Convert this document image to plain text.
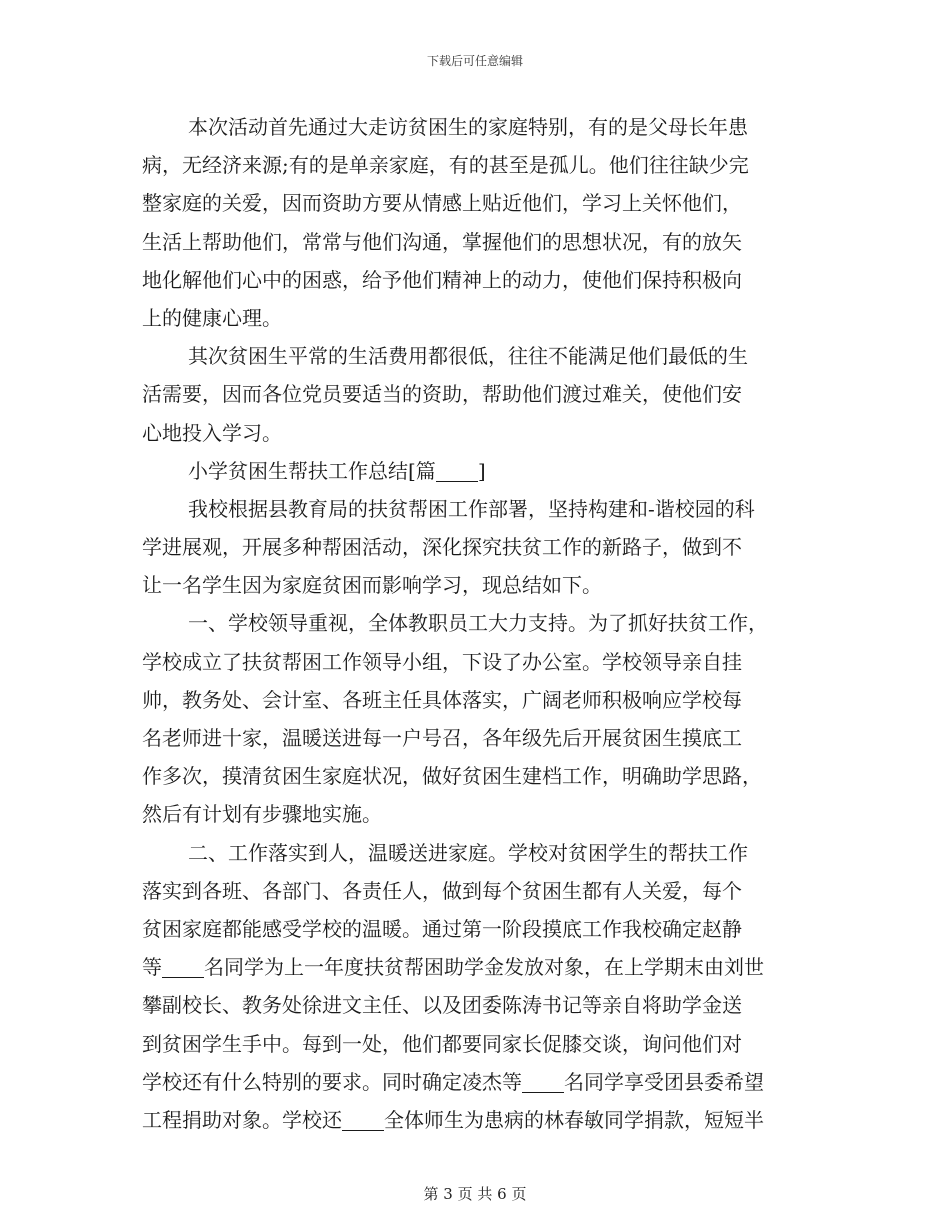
下载后可任意编辑
本次活动首先通过大走访贫困生的家庭特别，有的是父母长年患
病，无经济来源;有的是单亲家庭，有的甚至是孤儿。他们往往缺少完
整家庭的关爱，因而资助方要从情感上贴近他们，学习上关怀他们，
生活上帮助他们，常常与他们沟通，掌握他们的思想状况，有的放矢
地化解他们心中的困惑，给予他们精神上的动力，使他们保持积极向
上的健康心理。
其次贫困生平常的生活费用都很低，往往不能满足他们最低的生
活需要，因而各位党员要适当的资助，帮助他们渡过难关，使他们安
心地投入学习。
小学贫困生帮扶工作总结[篇 ]
我校根据县教育局的扶贫帮困工作部署，坚持构建和-谐校园的科
学进展观，开展多种帮困活动，深化探究扶贫工作的新路子，做到不
让一名学生因为家庭贫困而影响学习，现总结如下。
一、学校领导重视，全体教职员工大力支持。为了抓好扶贫工作，
学校成立了扶贫帮困工作领导小组，下设了办公室。学校领导亲自挂
帅，教务处、会计室、各班主任具体落实，广阔老师积极响应学校每
名老师进十家，温暖送进每一户号召，各年级先后开展贫困生摸底工
作多次，摸清贫困生家庭状况，做好贫困生建档工作，明确助学思路，
然后有计划有步骤地实施。
二、工作落实到人，温暖送进家庭。学校对贫困学生的帮扶工作
落实到各班、各部门、各责任人，做到每个贫困生都有人关爱，每个
贫困家庭都能感受学校的温暖。通过第一阶段摸底工作我校确定赵静
等 名同学为上一年度扶贫帮困助学金发放对象，在上学期末由刘世
攀副校长、教务处徐进文主任、以及团委陈涛书记等亲自将助学金送
到贫困学生手中。每到一处，他们都要同家长促膝交谈，询问他们对
学校还有什么特别的要求。同时确定凌杰等 名同学享受团县委希望
工程捐助对象。学校还 全体师生为患病的林春敏同学捐款，短短半
第 3 页 共 6 页
